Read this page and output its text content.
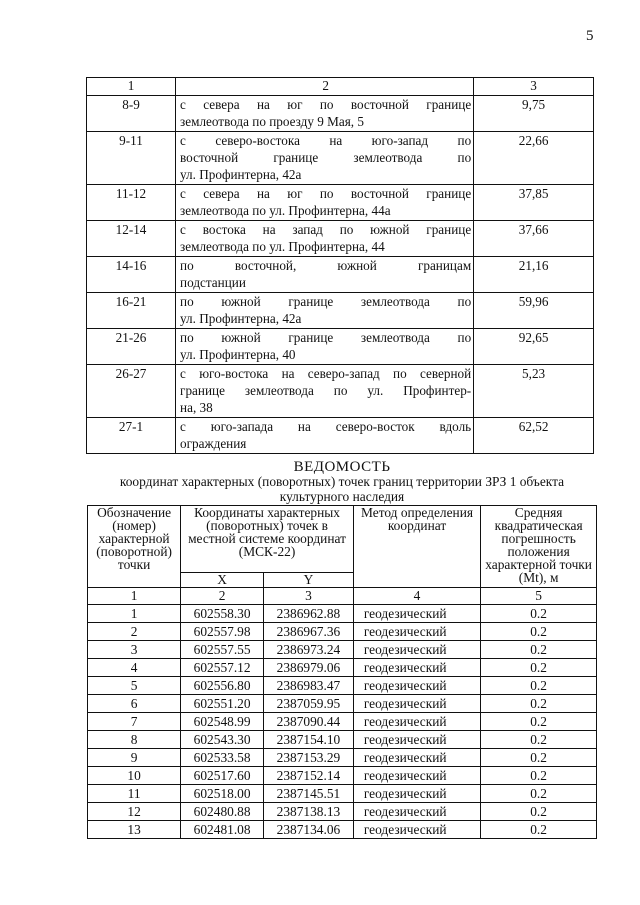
5
1	2	3
8-9	с севера на юг по восточной границе
землеотвода по проезду 9 Мая, 5	9,75
9-11	с северо-востока на юго-запад по
восточной границе землеотвода по
ул. Профинтерна, 42а	22,66
11-12	с севера на юг по восточной границе
землеотвода по ул. Профинтерна, 44а	37,85
12-14	с востока на запад по южной границе
землеотвода по ул. Профинтерна, 44	37,66
14-16	по восточной, южной границам
подстанции	21,16
16-21	по южной границе землеотвода по
ул. Профинтерна, 42а	59,96
21-26	по южной границе землеотвода по
ул. Профинтерна, 40	92,65
26-27	с юго-востока на северо-запад по северной
границе землеотвода по ул. Профинтер-
на, 38	5,23
27-1	с юго-запада на северо-восток вдоль
ограждения	62,52
ВЕДОМОСТЬ
координат характерных (поворотных) точек границ территории ЗРЗ 1 объекта
культурного наследия
Обозначение (номер) характерной (поворотной) точки	Координаты характерных (поворотных) точек в местной системе координат (МСК-22)		Метод определения координат	Средняя квадратическая погрешность положения характерной точки (Mt), м
	X	Y		
1	2	3	4	5
1	602558.30	2386962.88	геодезический	0.2
2	602557.98	2386967.36	геодезический	0.2
3	602557.55	2386973.24	геодезический	0.2
4	602557.12	2386979.06	геодезический	0.2
5	602556.80	2386983.47	геодезический	0.2
6	602551.20	2387059.95	геодезический	0.2
7	602548.99	2387090.44	геодезический	0.2
8	602543.30	2387154.10	геодезический	0.2
9	602533.58	2387153.29	геодезический	0.2
10	602517.60	2387152.14	геодезический	0.2
11	602518.00	2387145.51	геодезический	0.2
12	602480.88	2387138.13	геодезический	0.2
13	602481.08	2387134.06	геодезический	0.2
